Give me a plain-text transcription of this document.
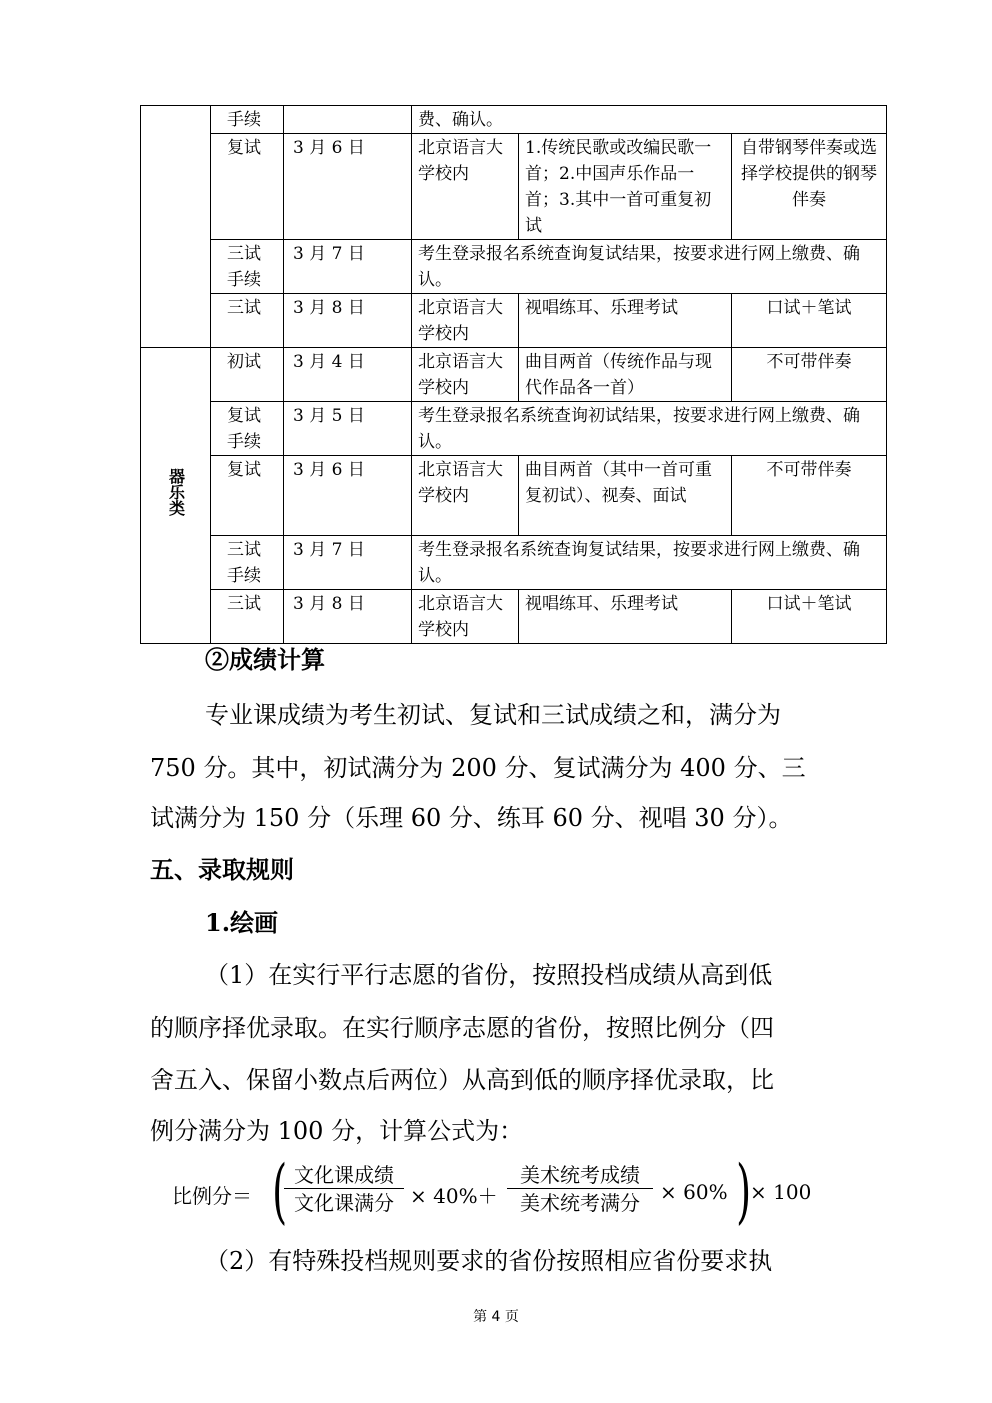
	手续		费、确认。		
	复试	3 月 6 日	北京语言大学校内	1.传统民歌或改编民歌一首；2.中国声乐作品一首；3.其中一首可重复初试	自带钢琴伴奏或选择学校提供的钢琴伴奏
	三试手续	3 月 7 日	考生登录报名系统查询复试结果，按要求进行网上缴费、确认。		
	三试	3 月 8 日	北京语言大学校内	视唱练耳、乐理考试	口试＋笔试
器乐类	初试	3 月 4 日	北京语言大学校内	曲目两首（传统作品与现代作品各一首）	不可带伴奏
	复试手续	3 月 5 日	考生登录报名系统查询初试结果，按要求进行网上缴费、确认。		
	复试	3 月 6 日	北京语言大学校内	曲目两首（其中一首可重复初试）、视奏、面试	不可带伴奏
	三试手续	3 月 7 日	考生登录报名系统查询复试结果，按要求进行网上缴费、确认。		
	三试	3 月 8 日	北京语言大学校内	视唱练耳、乐理考试	口试＋笔试
②成绩计算
专业课成绩为考生初试、复试和三试成绩之和，满分为
750 分。其中，初试满分为 200 分、复试满分为 400 分、三
试满分为 150 分（乐理 60 分、练耳 60 分、视唱 30 分）。
五、录取规则
1.绘画
（1）在实行平行志愿的省份，按照投档成绩从高到低
的顺序择优录取。在实行顺序志愿的省份，按照比例分（四
舍五入、保留小数点后两位）从高到低的顺序择优录取，比
例分满分为 100 分，计算公式为：
比例分＝ ( 文化课成绩
文化课满分 × 40%＋
美术统考成绩
美术统考满分	× 60% )
× 100
（2）有特殊投档规则要求的省份按照相应省份要求执
第 4 页
